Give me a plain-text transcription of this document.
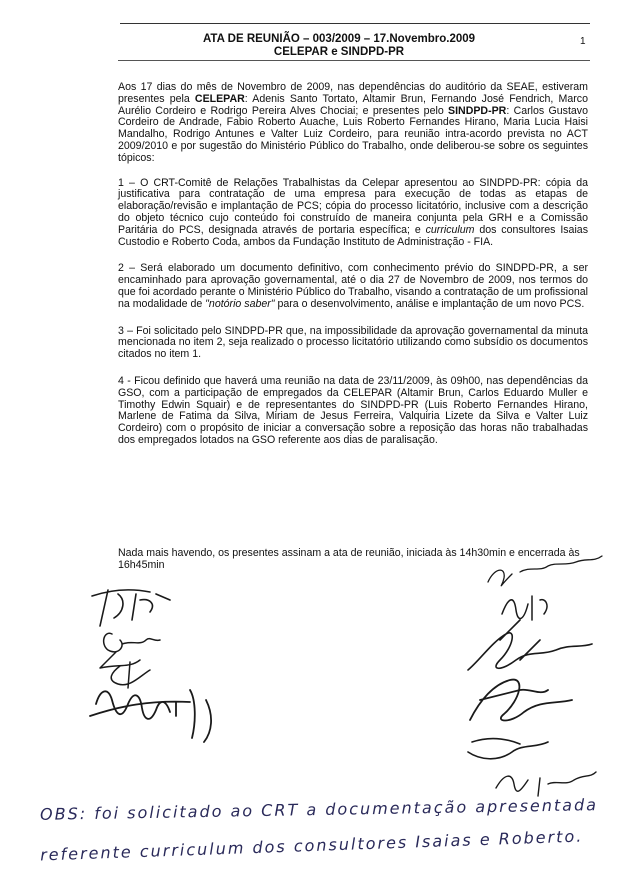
ATA DE REUNIÃO – 003/2009 – 17.Novembro.2009
CELEPAR e SINDPD-PR
1

Aos 17 dias do mês de Novembro de 2009, nas dependências do auditório da SEAE, estiveram presentes pela CELEPAR: Adenis Santo Tortato, Altamir Brun, Fernando José Fendrich, Marco Aurélio Cordeiro e Rodrigo Pereira Alves Chociai; e presentes pelo SINDPD-PR: Carlos Gustavo Cordeiro de Andrade, Fabio Roberto Auache, Luis Roberto Fernandes Hirano, Maria Lucia Haisi Mandalho, Rodrigo Antunes e Valter Luiz Cordeiro, para reunião intra-acordo prevista no ACT 2009/2010 e por sugestão do Ministério Público do Trabalho, onde deliberou-se sobre os seguintes tópicos:

1 – O CRT-Comitê de Relações Trabalhistas da Celepar apresentou ao SINDPD-PR: cópia da justificativa para contratação de uma empresa para execução de todas as etapas de elaboração/revisão e implantação de PCS; cópia do processo licitatório, inclusive com a descrição do objeto técnico cujo conteúdo foi construído de maneira conjunta pela GRH e a Comissão Paritária do PCS, designada através de portaria específica; e curriculum dos consultores Isaias Custodio e Roberto Coda, ambos da Fundação Instituto de Administração - FIA.

2 – Será elaborado um documento definitivo, com conhecimento prévio do SINDPD-PR, a ser encaminhado para aprovação governamental, até o dia 27 de Novembro de 2009, nos termos do que foi acordado perante o Ministério Público do Trabalho, visando a contratação de um profissional na modalidade de "notório saber" para o desenvolvimento, análise e implantação de um novo PCS.

3 – Foi solicitado pelo SINDPD-PR que, na impossibilidade da aprovação governamental da minuta mencionada no item 2, seja realizado o processo licitatório utilizando como subsídio os documentos citados no item 1.

4 - Ficou definido que haverá uma reunião na data de 23/11/2009, às 09h00, nas dependências da GSO, com a participação de empregados da CELEPAR (Altamir Brun, Carlos Eduardo Muller e Timothy Edwin Squair) e de representantes do SINDPD-PR (Luis Roberto Fernandes Hirano, Marlene de Fatima da Silva, Miriam de Jesus Ferreira, Valquiria Lizete da Silva e Valter Luiz Cordeiro) com o propósito de iniciar a conversação sobre a reposição das horas não trabalhadas dos empregados lotados na GSO referente aos dias de paralisação.

Nada mais havendo, os presentes assinam a ata de reunião, iniciada às 14h30min e encerrada às 16h45min
OBS: foi solicitado ao CRT a documentação apresentada
referente curriculum dos consultores Isaias e Roberto.
